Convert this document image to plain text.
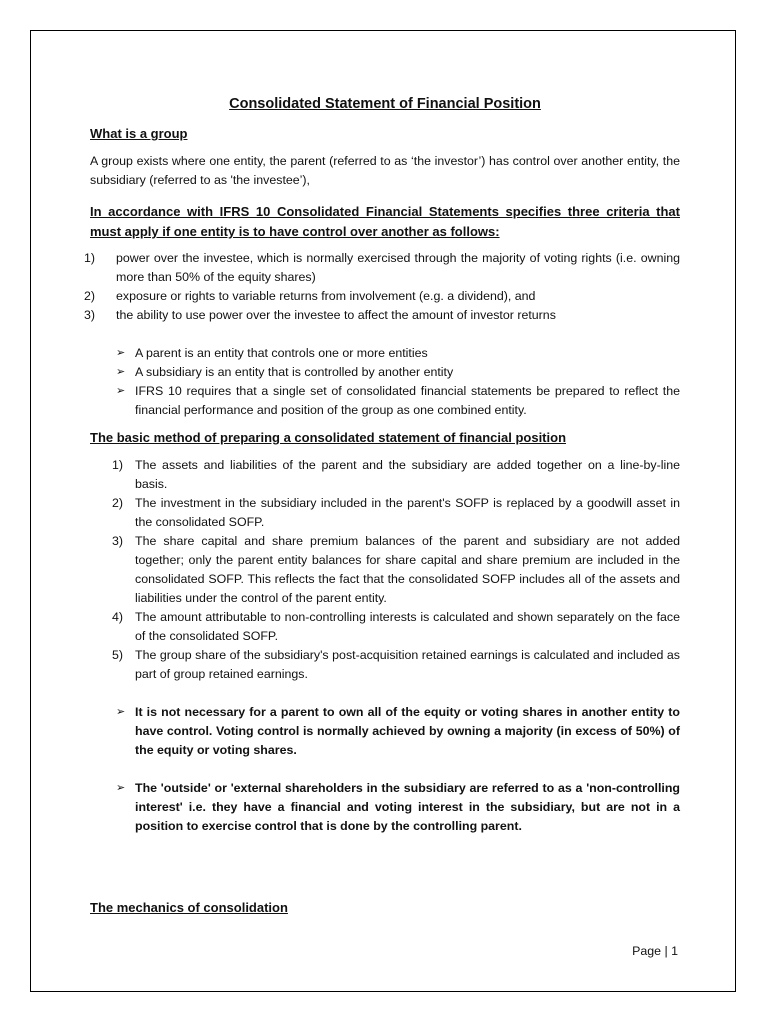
Consolidated Statement of Financial Position
What is a group

A group exists where one entity, the parent (referred to as ‘the investor’) has control over another entity, the subsidiary (referred to as 'the investee’),

In accordance with IFRS 10 Consolidated Financial Statements specifies three criteria that must apply if one entity is to have control over another as follows:
1)	power over the investee, which is normally exercised through the majority of voting rights (i.e. owning more than 50% of the equity shares)
2)	exposure or rights to variable returns from involvement (e.g. a dividend), and
3)	the ability to use power over the investee to affect the amount of investor returns
➢ A parent is an entity that controls one or more entities
➢ A subsidiary is an entity that is controlled by another entity
➢ IFRS 10 requires that a single set of consolidated financial statements be prepared to reflect the financial performance and position of the group as one combined entity.
The basic method of preparing a consolidated statement of financial position
1) The assets and liabilities of the parent and the subsidiary are added together on a line-by-line basis.
2) The investment in the subsidiary included in the parent's SOFP is replaced by a goodwill asset in the consolidated SOFP.
3) The share capital and share premium balances of the parent and subsidiary are not added together; only the parent entity balances for share capital and share premium are included in the consolidated SOFP. This reflects the fact that the consolidated SOFP includes all of the assets and liabilities under the control of the parent entity.
4) The amount attributable to non-controlling interests is calculated and shown separately on the face of the consolidated SOFP.
5) The group share of the subsidiary's post-acquisition retained earnings is calculated and included as part of group retained earnings.
➢ It is not necessary for a parent to own all of the equity or voting shares in another entity to have control. Voting control is normally achieved by owning a majority (in excess of 50%) of the equity or voting shares.
➢ The 'outside' or 'external shareholders in the subsidiary are referred to as a 'non-controlling interest' i.e. they have a financial and voting interest in the subsidiary, but are not in a position to exercise control that is done by the controlling parent.
The mechanics of consolidation
Page | 1
